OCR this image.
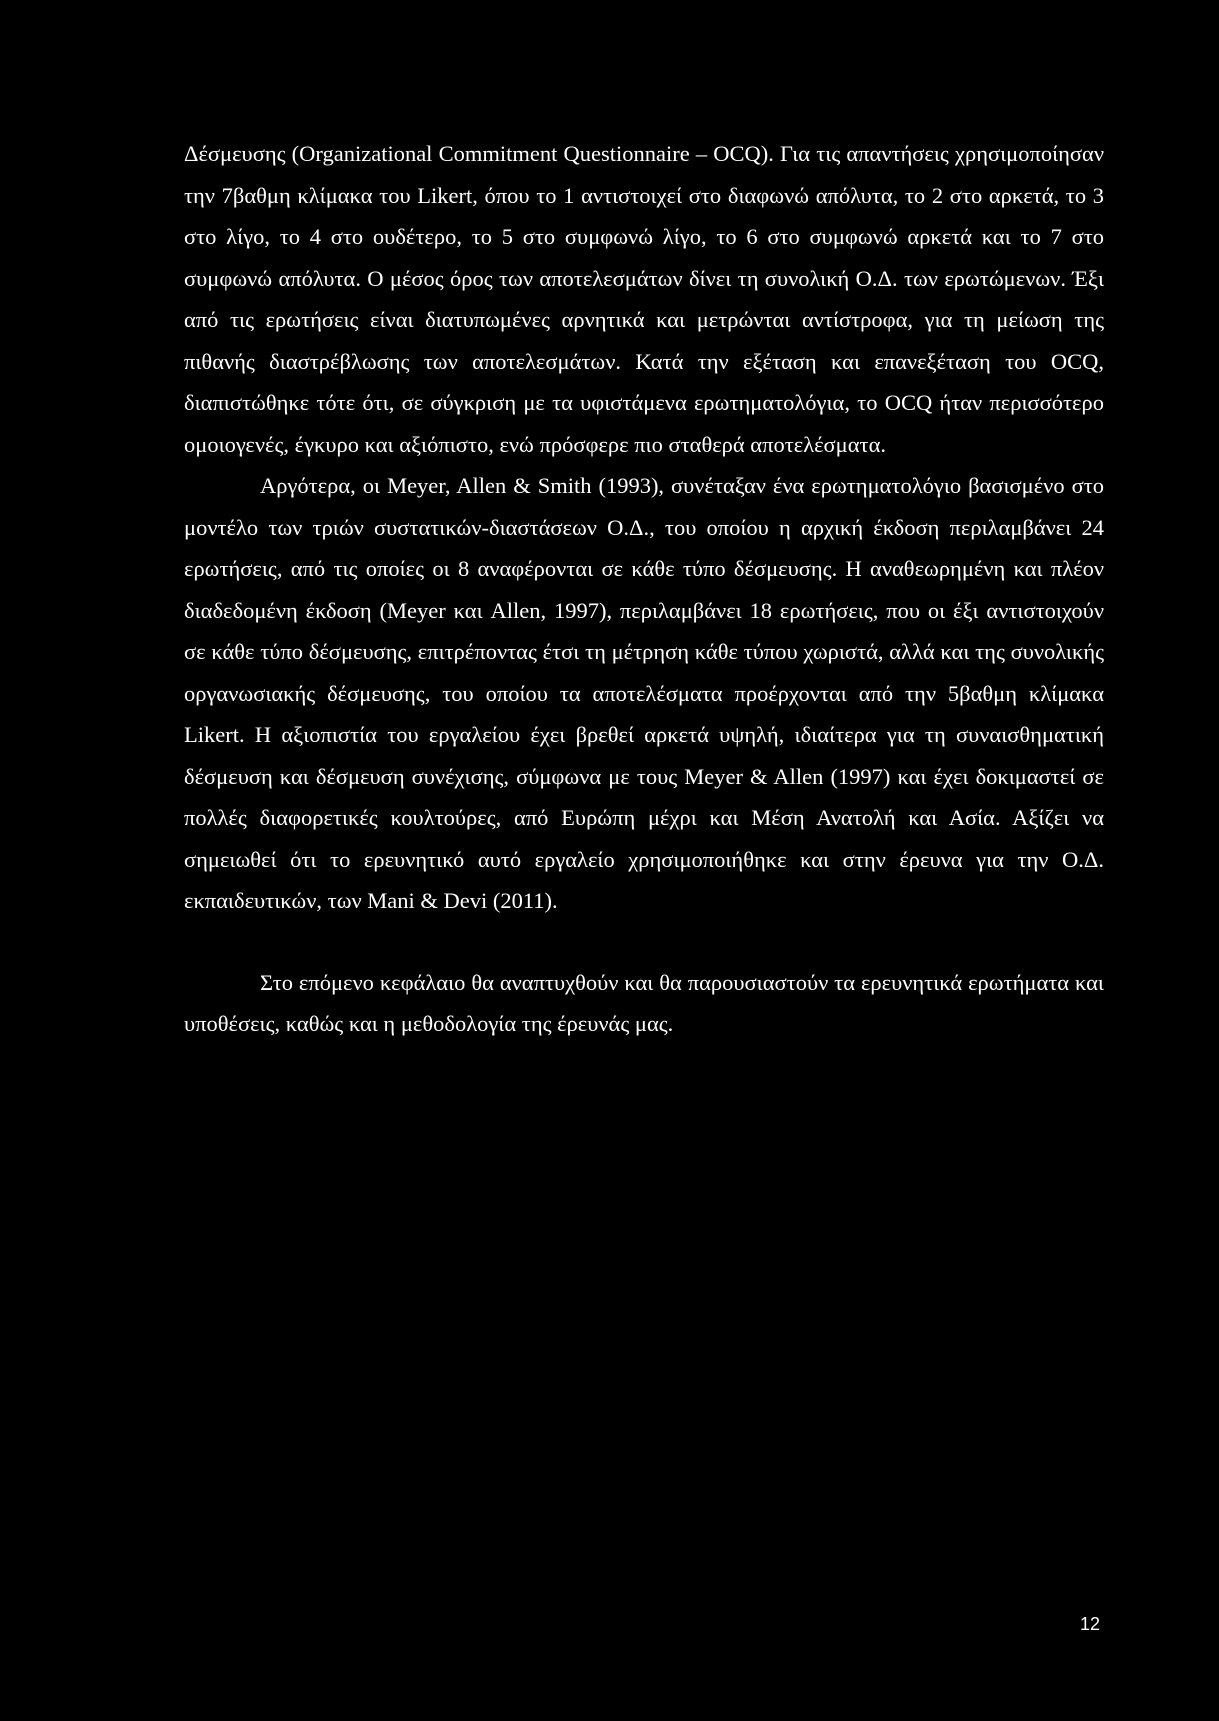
Δέσμευσης (Organizational Commitment Questionnaire – OCQ). Για τις απαντήσεις χρησιμοποίησαν την 7βαθμη κλίμακα του Likert, όπου το 1 αντιστοιχεί στο διαφωνώ απόλυτα, το 2 στο αρκετά, το 3 στο λίγο, το 4 στο ουδέτερο, το 5 στο συμφωνώ λίγο, το 6 στο συμφωνώ αρκετά και το 7 στο συμφωνώ απόλυτα. Ο μέσος όρος των αποτελεσμάτων δίνει τη συνολική Ο.Δ. των ερωτώμενων. Έξι από τις ερωτήσεις είναι διατυπωμένες αρνητικά και μετρώνται αντίστροφα, για τη μείωση της πιθανής διαστρέβλωσης των αποτελεσμάτων. Κατά την εξέταση και επανεξέταση του OCQ, διαπιστώθηκε τότε ότι, σε σύγκριση με τα υφιστάμενα ερωτηματολόγια, το OCQ ήταν περισσότερο ομοιογενές, έγκυρο και αξιόπιστο, ενώ πρόσφερε πιο σταθερά αποτελέσματα.

Αργότερα, οι Meyer, Allen & Smith (1993), συνέταξαν ένα ερωτηματολόγιο βασισμένο στο μοντέλο των τριών συστατικών-διαστάσεων Ο.Δ., του οποίου η αρχική έκδοση περιλαμβάνει 24 ερωτήσεις, από τις οποίες οι 8 αναφέρονται σε κάθε τύπο δέσμευσης. Η αναθεωρημένη και πλέον διαδεδομένη έκδοση (Meyer και Allen, 1997), περιλαμβάνει 18 ερωτήσεις, που οι έξι αντιστοιχούν σε κάθε τύπο δέσμευσης, επιτρέποντας έτσι τη μέτρηση κάθε τύπου χωριστά, αλλά και της συνολικής οργανωσιακής δέσμευσης, του οποίου τα αποτελέσματα προέρχονται από την 5βαθμη κλίμακα Likert. Η αξιοπιστία του εργαλείου έχει βρεθεί αρκετά υψηλή, ιδιαίτερα για τη συναισθηματική δέσμευση και δέσμευση συνέχισης, σύμφωνα με τους Meyer & Allen (1997) και έχει δοκιμαστεί σε πολλές διαφορετικές κουλτούρες, από Ευρώπη μέχρι και Μέση Ανατολή και Ασία. Αξίζει να σημειωθεί ότι το ερευνητικό αυτό εργαλείο χρησιμοποιήθηκε και στην έρευνα για την Ο.Δ. εκπαιδευτικών, των Mani & Devi (2011).

Στο επόμενο κεφάλαιο θα αναπτυχθούν και θα παρουσιαστούν τα ερευνητικά ερωτήματα και υποθέσεις, καθώς και η μεθοδολογία της έρευνάς μας.

12
